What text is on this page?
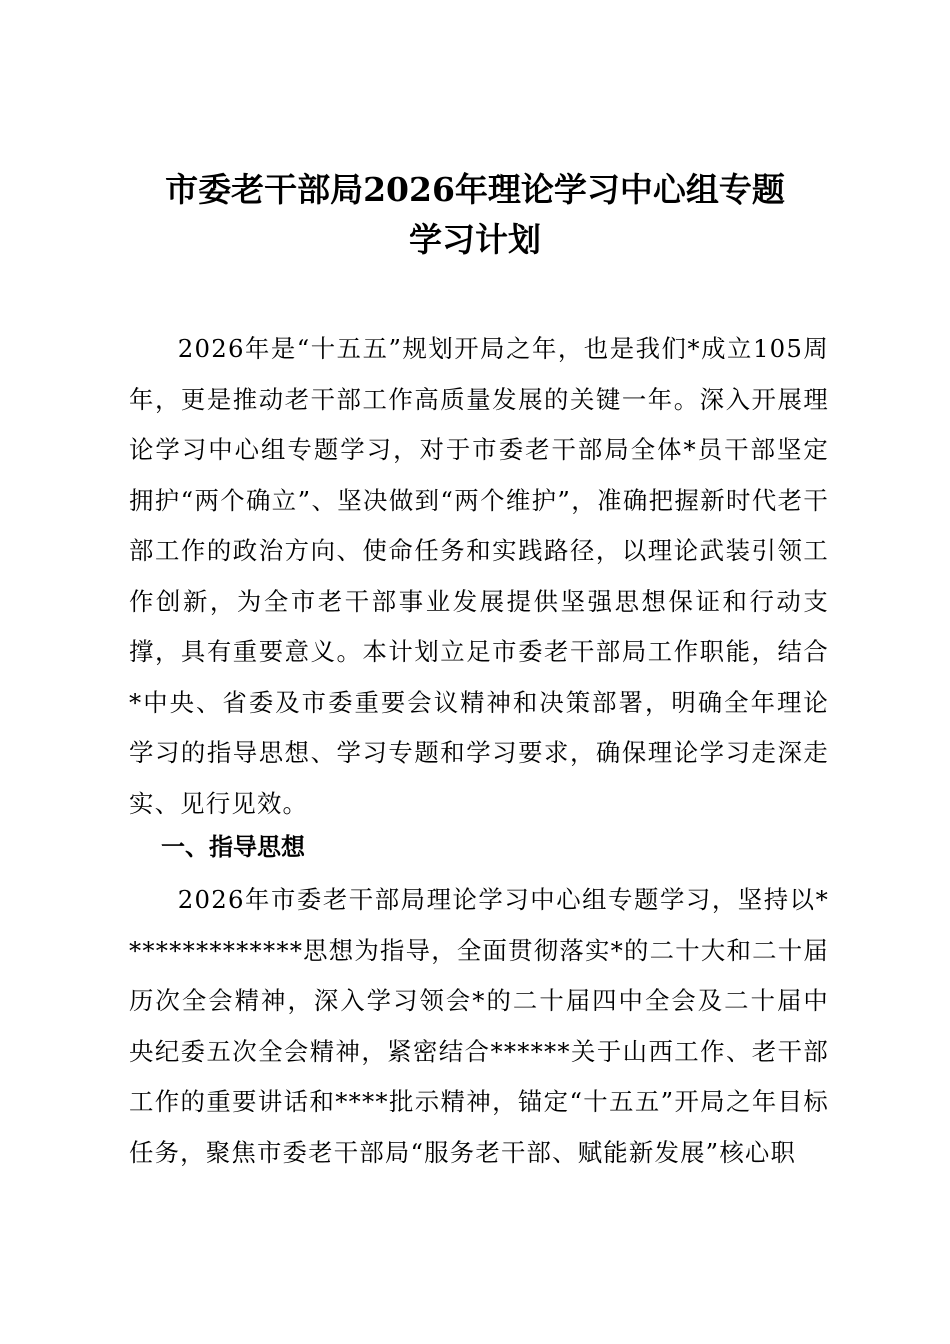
市委老干部局2026年理论学习中心组专题
学习计划

2026年是“十五五”规划开局之年，也是我们*成立105周年，更是推动老干部工作高质量发展的关键一年。深入开展理论学习中心组专题学习，对于市委老干部局全体*员干部坚定拥护“两个确立”、坚决做到“两个维护”，准确把握新时代老干部工作的政治方向、使命任务和实践路径，以理论武装引领工作创新，为全市老干部事业发展提供坚强思想保证和行动支撑，具有重要意义。本计划立足市委老干部局工作职能，结合*中央、省委及市委重要会议精神和决策部署，明确全年理论学习的指导思想、学习专题和学习要求，确保理论学习走深走实、见行见效。

一、指导思想

2026年市委老干部局理论学习中心组专题学习，坚持以**************思想为指导，全面贯彻落实*的二十大和二十届历次全会精神，深入学习领会*的二十届四中全会及二十届中央纪委五次全会精神，紧密结合******关于山西工作、老干部工作的重要讲话和****批示精神，锚定“十五五”开局之年目标任务，聚焦市委老干部局“服务老干部、赋能新发展”核心职
